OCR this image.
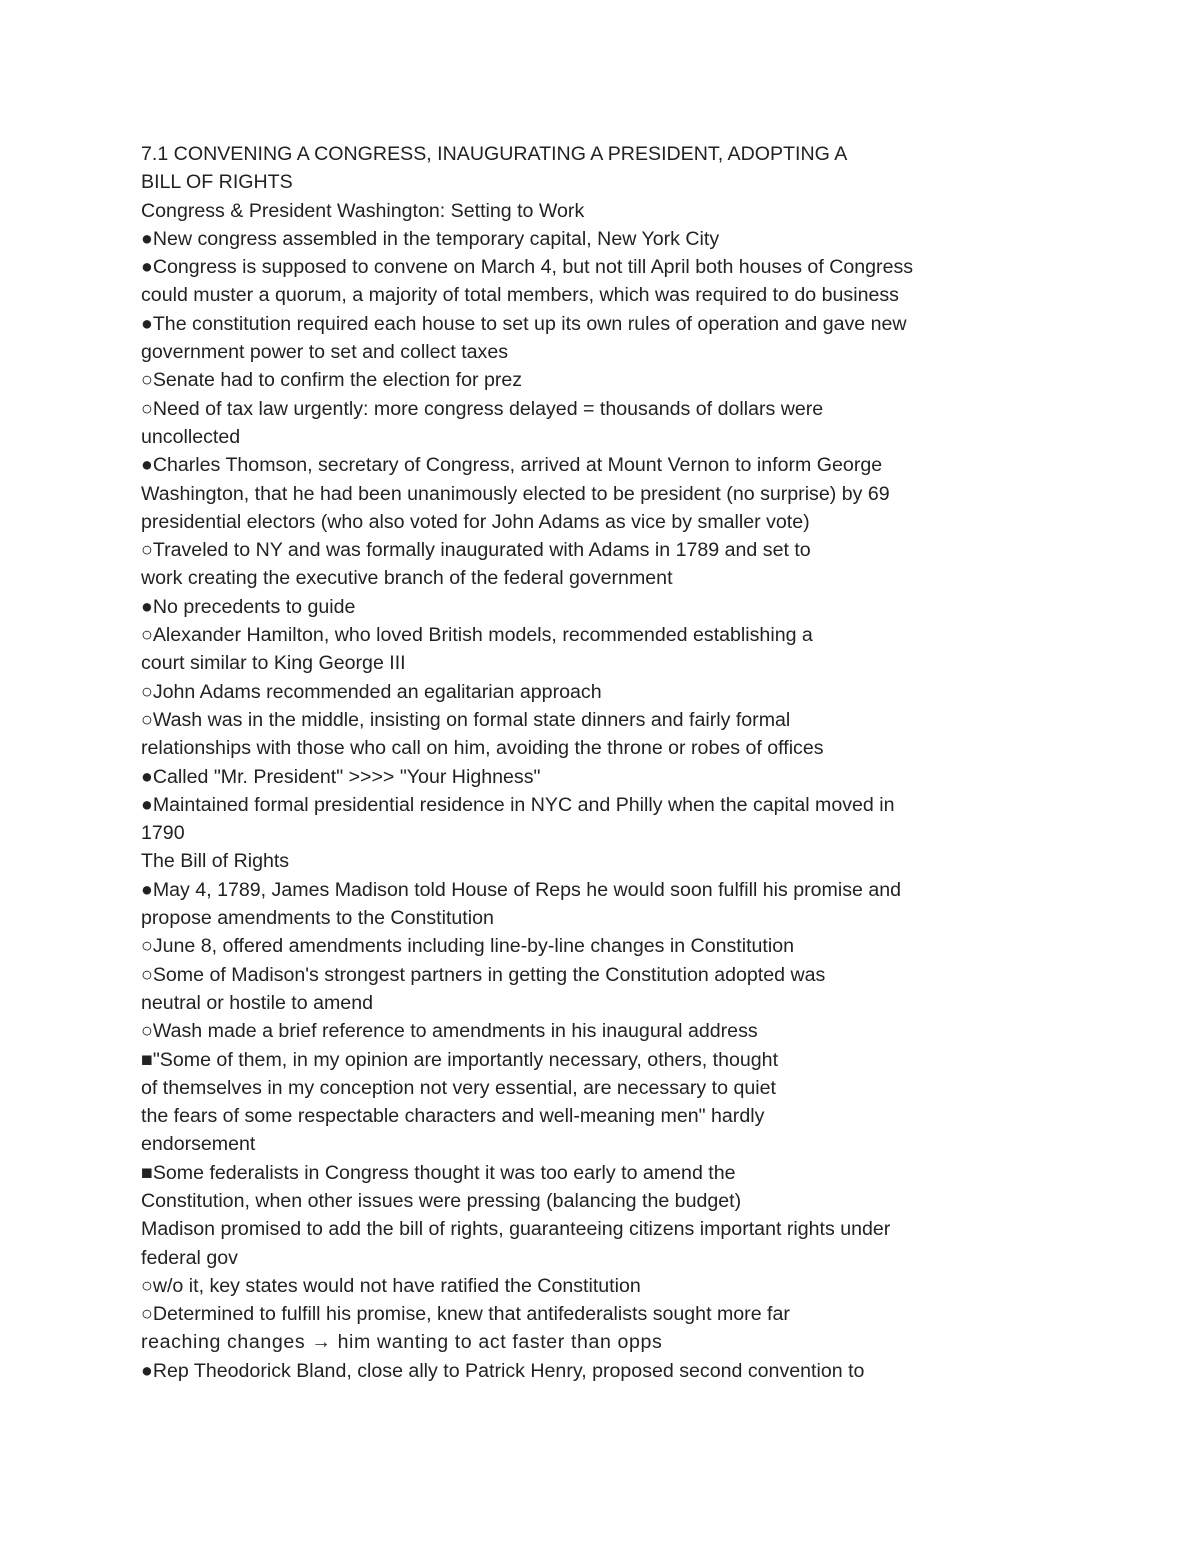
7.1 CONVENING A CONGRESS, INAUGURATING A PRESIDENT, ADOPTING A
BILL OF RIGHTS
Congress & President Washington: Setting to Work
●New congress assembled in the temporary capital, New York City
●Congress is supposed to convene on March 4, but not till April both houses of Congress
could muster a quorum, a majority of total members, which was required to do business
●The constitution required each house to set up its own rules of operation and gave new
government power to set and collect taxes
○Senate had to confirm the election for prez
○Need of tax law urgently: more congress delayed = thousands of dollars were
uncollected
●Charles Thomson, secretary of Congress, arrived at Mount Vernon to inform George
Washington, that he had been unanimously elected to be president (no surprise) by 69
presidential electors (who also voted for John Adams as vice by smaller vote)
○Traveled to NY and was formally inaugurated with Adams in 1789 and set to
work creating the executive branch of the federal government
●No precedents to guide
○Alexander Hamilton, who loved British models, recommended establishing a
court similar to King George III
○John Adams recommended an egalitarian approach
○Wash was in the middle, insisting on formal state dinners and fairly formal
relationships with those who call on him, avoiding the throne or robes of offices
●Called "Mr. President" >>>> "Your Highness"
●Maintained formal presidential residence in NYC and Philly when the capital moved in
1790
The Bill of Rights
●May 4, 1789, James Madison told House of Reps he would soon fulfill his promise and
propose amendments to the Constitution
○June 8, offered amendments including line-by-line changes in Constitution
○Some of Madison's strongest partners in getting the Constitution adopted was
neutral or hostile to amend
○Wash made a brief reference to amendments in his inaugural address
■"Some of them, in my opinion are importantly necessary, others, thought
of themselves in my conception not very essential, are necessary to quiet
the fears of some respectable characters and well-meaning men" hardly
endorsement
■Some federalists in Congress thought it was too early to amend the
Constitution, when other issues were pressing (balancing the budget)
Madison promised to add the bill of rights, guaranteeing citizens important rights under
federal gov
○w/o it, key states would not have ratified the Constitution
○Determined to fulfill his promise, knew that antifederalists sought more far
reaching changes → him wanting to act faster than opps
●Rep Theodorick Bland, close ally to Patrick Henry, proposed second convention to
